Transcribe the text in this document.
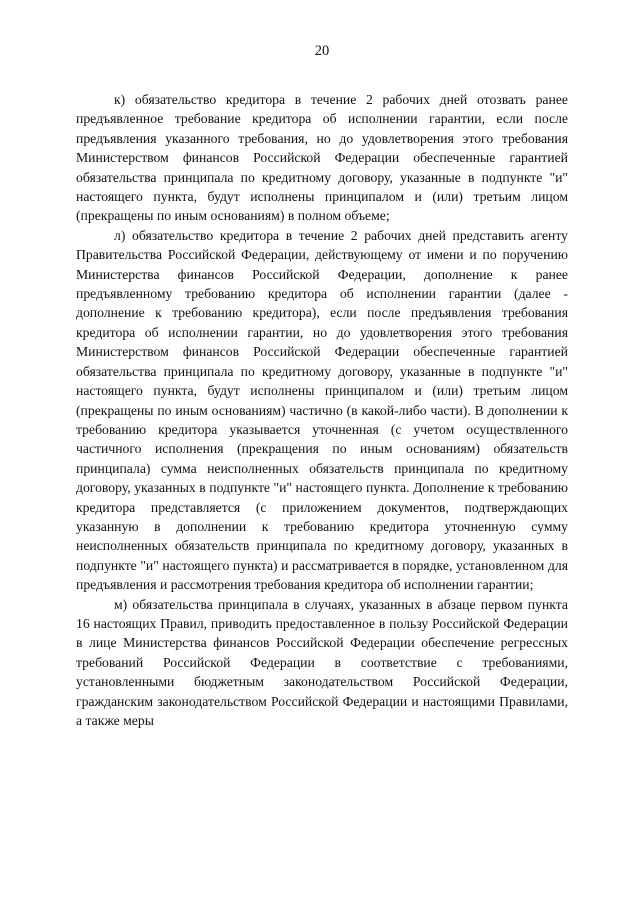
20

к) обязательство кредитора в течение 2 рабочих дней отозвать ранее предъявленное требование кредитора об исполнении гарантии, если после предъявления указанного требования, но до удовлетворения этого требования Министерством финансов Российской Федерации обеспеченные гарантией обязательства принципала по кредитному договору, указанные в подпункте "и" настоящего пункта, будут исполнены принципалом и (или) третьим лицом (прекращены по иным основаниям) в полном объеме;

л) обязательство кредитора в течение 2 рабочих дней представить агенту Правительства Российской Федерации, действующему от имени и по поручению Министерства финансов Российской Федерации, дополнение к ранее предъявленному требованию кредитора об исполнении гарантии (далее - дополнение к требованию кредитора), если после предъявления требования кредитора об исполнении гарантии, но до удовлетворения этого требования Министерством финансов Российской Федерации обеспеченные гарантией обязательства принципала по кредитному договору, указанные в подпункте "и" настоящего пункта, будут исполнены принципалом и (или) третьим лицом (прекращены по иным основаниям) частично (в какой-либо части). В дополнении к требованию кредитора указывается уточненная (с учетом осуществленного частичного исполнения (прекращения по иным основаниям) обязательств принципала) сумма неисполненных обязательств принципала по кредитному договору, указанных в подпункте "и" настоящего пункта. Дополнение к требованию кредитора представляется (с приложением документов, подтверждающих указанную в дополнении к требованию кредитора уточненную сумму неисполненных обязательств принципала по кредитному договору, указанных в подпункте "и" настоящего пункта) и рассматривается в порядке, установленном для предъявления и рассмотрения требования кредитора об исполнении гарантии;

м) обязательства принципала в случаях, указанных в абзаце первом пункта 16 настоящих Правил, приводить предоставленное в пользу Российской Федерации в лице Министерства финансов Российской Федерации обеспечение регрессных требований Российской Федерации в соответствие с требованиями, установленными бюджетным законодательством Российской Федерации, гражданским законодательством Российской Федерации и настоящими Правилами, а также меры
